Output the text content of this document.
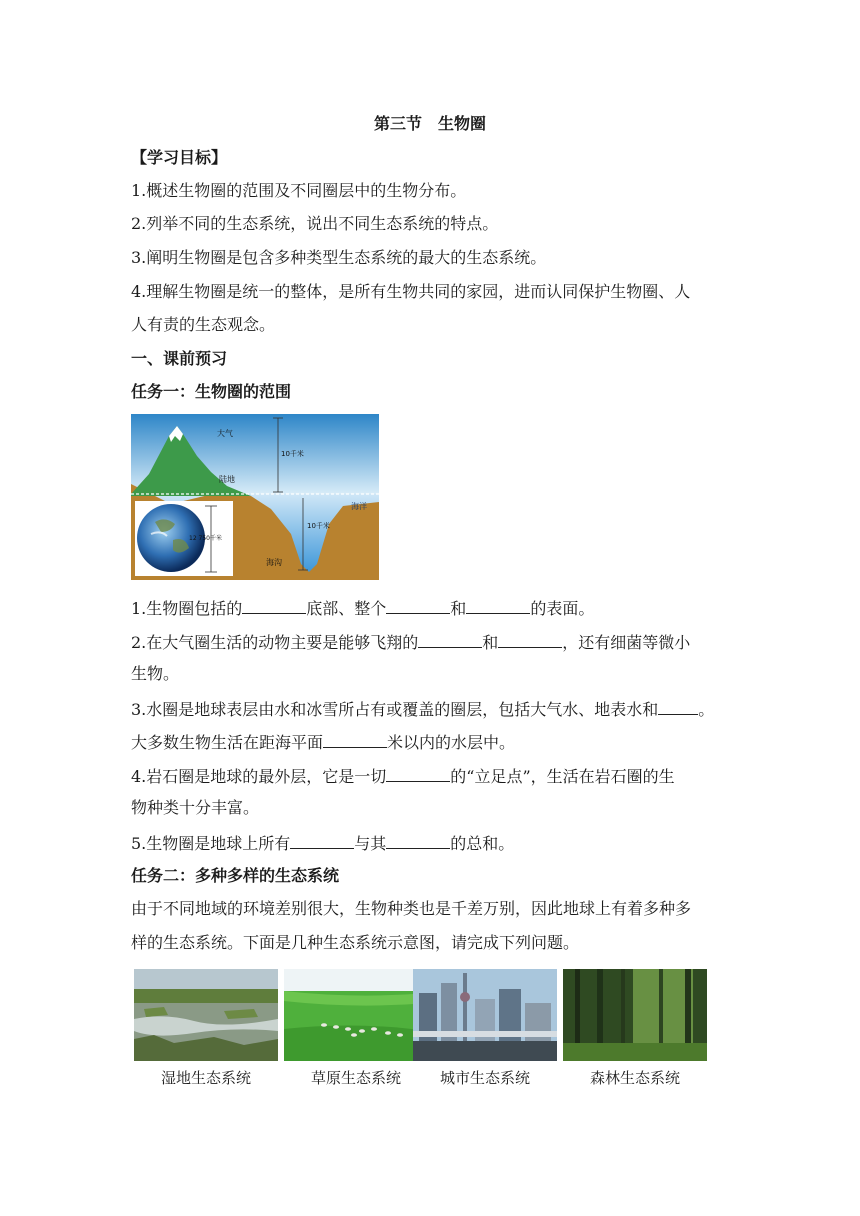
第三节　生物圈
【学习目标】
1.概述生物圈的范围及不同圈层中的生物分布。
2.列举不同的生态系统，说出不同生态系统的特点。
3.阐明生物圈是包含多种类型生态系统的最大的生态系统。
4.理解生物圈是统一的整体，是所有生物共同的家园，进而认同保护生物圈、人
人有责的生态观念。
一、课前预习
任务一：生物圈的范围
大气
10千米
陆地
海洋
10千米
海沟
12 750千米
1.生物圈包括的	底部、整个	和	的表面。
2.在大气圈生活的动物主要是能够飞翔的	和	，还有细菌等微小
生物。
3.水圈是地球表层由水和冰雪所占有或覆盖的圈层，包括大气水、地表水和	。
大多数生物生活在距海平面	米以内的水层中。
4.岩石圈是地球的最外层，它是一切	的“立足点”，生活在岩石圈的生
物种类十分丰富。
5.生物圈是地球上所有	与其	的总和。
任务二：多种多样的生态系统
由于不同地域的环境差别很大，生物种类也是千差万别，因此地球上有着多种多
样的生态系统。下面是几种生态系统示意图，请完成下列问题。
湿地生态系统	草原生态系统	城市生态系统	森林生态系统
